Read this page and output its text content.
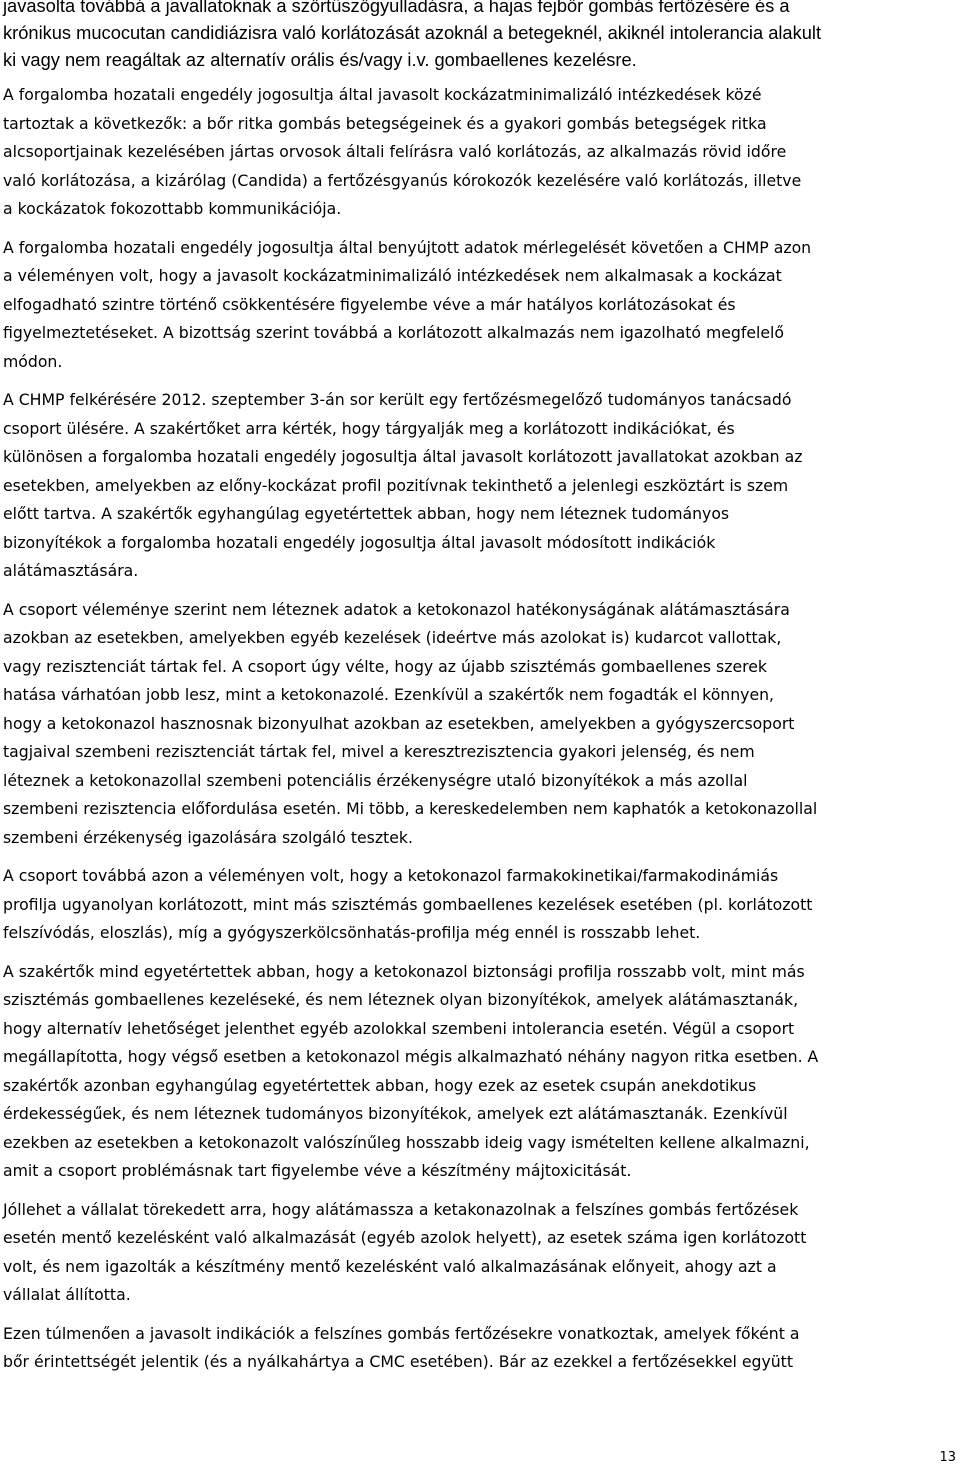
javasolta továbbá a javallatoknak a szőrtüszőgyulladásra, a hajas fejbőr gombás fertőzésére és a
krónikus mucocutan candidiázisra való korlátozását azoknál a betegeknél, akiknél intolerancia alakult
ki vagy nem reagáltak az alternatív orális és/vagy i.v. gombaellenes kezelésre.

A forgalomba hozatali engedély jogosultja által javasolt kockázatminimalizáló intézkedések közé
tartoztak a következők: a bőr ritka gombás betegségeinek és a gyakori gombás betegségek ritka
alcsoportjainak kezelésében jártas orvosok általi felírásra való korlátozás, az alkalmazás rövid időre
való korlátozása, a kizárólag (Candida) a fertőzésgyanús kórokozók kezelésére való korlátozás, illetve
a kockázatok fokozottabb kommunikációja.

A forgalomba hozatali engedély jogosultja által benyújtott adatok mérlegelését követően a CHMP azon
a véleményen volt, hogy a javasolt kockázatminimalizáló intézkedések nem alkalmasak a kockázat
elfogadható szintre történő csökkentésére figyelembe véve a már hatályos korlátozásokat és
figyelmeztetéseket. A bizottság szerint továbbá a korlátozott alkalmazás nem igazolható megfelelő
módon.

A CHMP felkérésére 2012. szeptember 3-án sor került egy fertőzésmegelőző tudományos tanácsadó
csoport ülésére. A szakértőket arra kérték, hogy tárgyalják meg a korlátozott indikációkat, és
különösen a forgalomba hozatali engedély jogosultja által javasolt korlátozott javallatokat azokban az
esetekben, amelyekben az előny-kockázat profil pozitívnak tekinthető a jelenlegi eszköztárt is szem
előtt tartva. A szakértők egyhangúlag egyetértettek abban, hogy nem léteznek tudományos
bizonyítékok a forgalomba hozatali engedély jogosultja által javasolt módosított indikációk
alátámasztására.

A csoport véleménye szerint nem léteznek adatok a ketokonazol hatékonyságának alátámasztására
azokban az esetekben, amelyekben egyéb kezelések (ideértve más azolokat is) kudarcot vallottak,
vagy rezisztenciát tártak fel. A csoport úgy vélte, hogy az újabb szisztémás gombaellenes szerek
hatása várhatóan jobb lesz, mint a ketokonazolé. Ezenkívül a szakértők nem fogadták el könnyen,
hogy a ketokonazol hasznosnak bizonyulhat azokban az esetekben, amelyekben a gyógyszercsoport
tagjaival szembeni rezisztenciát tártak fel, mivel a keresztrezisztencia gyakori jelenség, és nem
léteznek a ketokonazollal szembeni potenciális érzékenységre utaló bizonyítékok a más azollal
szembeni rezisztencia előfordulása esetén. Mi több, a kereskedelemben nem kaphatók a ketokonazollal
szembeni érzékenység igazolására szolgáló tesztek.

A csoport továbbá azon a véleményen volt, hogy a ketokonazol farmakokinetikai/farmakodinámiás
profilja ugyanolyan korlátozott, mint más szisztémás gombaellenes kezelések esetében (pl. korlátozott
felszívódás, eloszlás), míg a gyógyszerkölcsönhatás-profilja még ennél is rosszabb lehet.

A szakértők mind egyetértettek abban, hogy a ketokonazol biztonsági profilja rosszabb volt, mint más
szisztémás gombaellenes kezeléseké, és nem léteznek olyan bizonyítékok, amelyek alátámasztanák,
hogy alternatív lehetőséget jelenthet egyéb azolokkal szembeni intolerancia esetén. Végül a csoport
megállapította, hogy végső esetben a ketokonazol mégis alkalmazható néhány nagyon ritka esetben. A
szakértők azonban egyhangúlag egyetértettek abban, hogy ezek az esetek csupán anekdotikus
érdekességűek, és nem léteznek tudományos bizonyítékok, amelyek ezt alátámasztanák. Ezenkívül
ezekben az esetekben a ketokonazolt valószínűleg hosszabb ideig vagy ismételten kellene alkalmazni,
amit a csoport problémásnak tart figyelembe véve a készítmény májtoxicitását.

Jóllehet a vállalat törekedett arra, hogy alátámassza a ketakonazolnak a felszínes gombás fertőzések
esetén mentő kezelésként való alkalmazását (egyéb azolok helyett), az esetek száma igen korlátozott
volt, és nem igazolták a készítmény mentő kezelésként való alkalmazásának előnyeit, ahogy azt a
vállalat állította.

Ezen túlmenően a javasolt indikációk a felszínes gombás fertőzésekre vonatkoztak, amelyek főként a
bőr érintettségét jelentik (és a nyálkahártya a CMC esetében). Bár az ezekkel a fertőzésekkel együtt

13
